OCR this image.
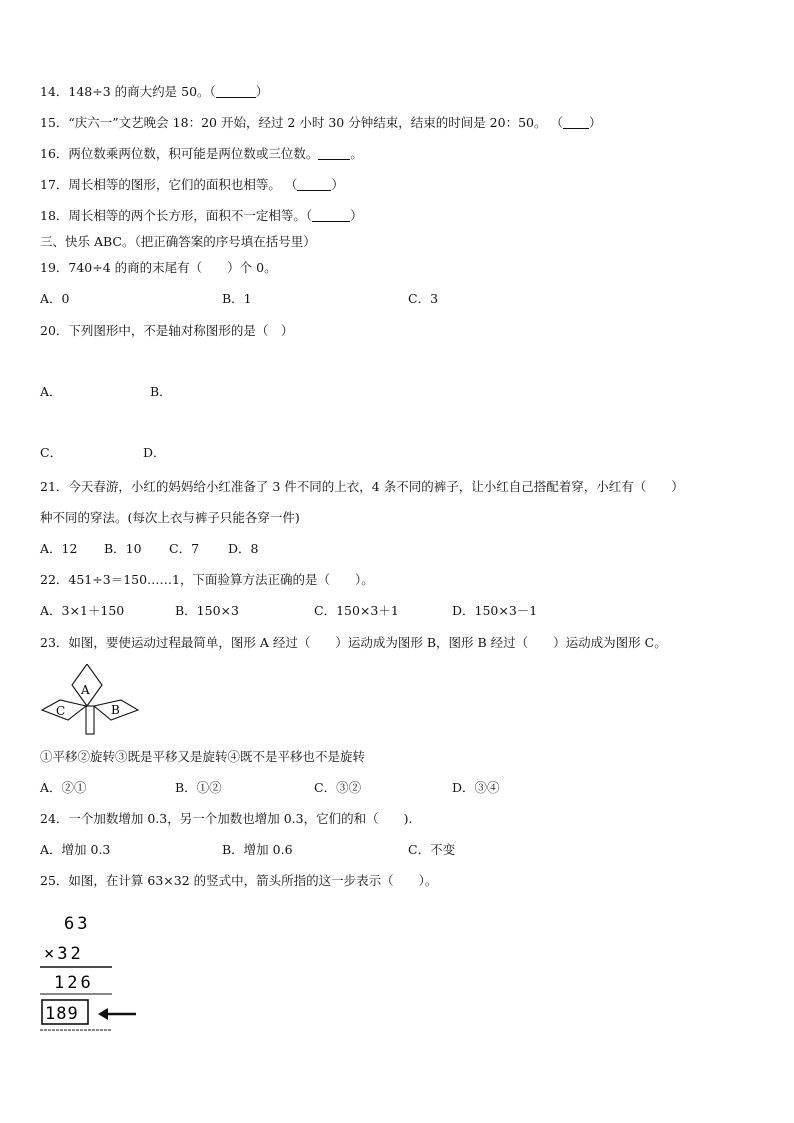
14．148÷3 的商大约是 50。（	）
15．“庆六一”文艺晚会 18：20 开始，经过 2 小时 30 分钟结束，结束的时间是 20：50。 （ ）
16．两位数乘两位数，积可能是两位数或三位数。	。
17．周长相等的图形，它们的面积也相等。 （	）
18．周长相等的两个长方形，面积不一定相等。（	）
三、快乐 ABC。（把正确答案的序号填在括号里）
19．740÷4 的商的末尾有（　　）个 0。
A．0	B．1	C．3
20．下列图形中，不是轴对称图形的是（　）
A．	B．
C．	D．
21．今天春游，小红的妈妈给小红准备了 3 件不同的上衣，4 条不同的裤子，让小红自己搭配着穿，小红有（　　）
种不同的穿法。(每次上衣与裤子只能各穿一件)
A．12 B．10 C．7 D．8
22．451÷3＝150……1，下面验算方法正确的是（　　）。
A．3×1＋150	B．150×3	C．150×3＋1	D．150×3－1
23．如图，要使运动过程最简单，图形 A 经过（　　）运动成为图形 B，图形 B 经过（　　）运动成为图形 C。
A
B
C
①平移②旋转③既是平移又是旋转④既不是平移也不是旋转
A．②①	B．①②	C．③②	D．③④
24．一个加数增加 0.3，另一个加数也增加 0.3，它们的和（　　).
A．增加 0.3	B．增加 0.6	C．不变
25．如图，在计算 63×32 的竖式中，箭头所指的这一步表示（　　）。
63
×32
126
189
